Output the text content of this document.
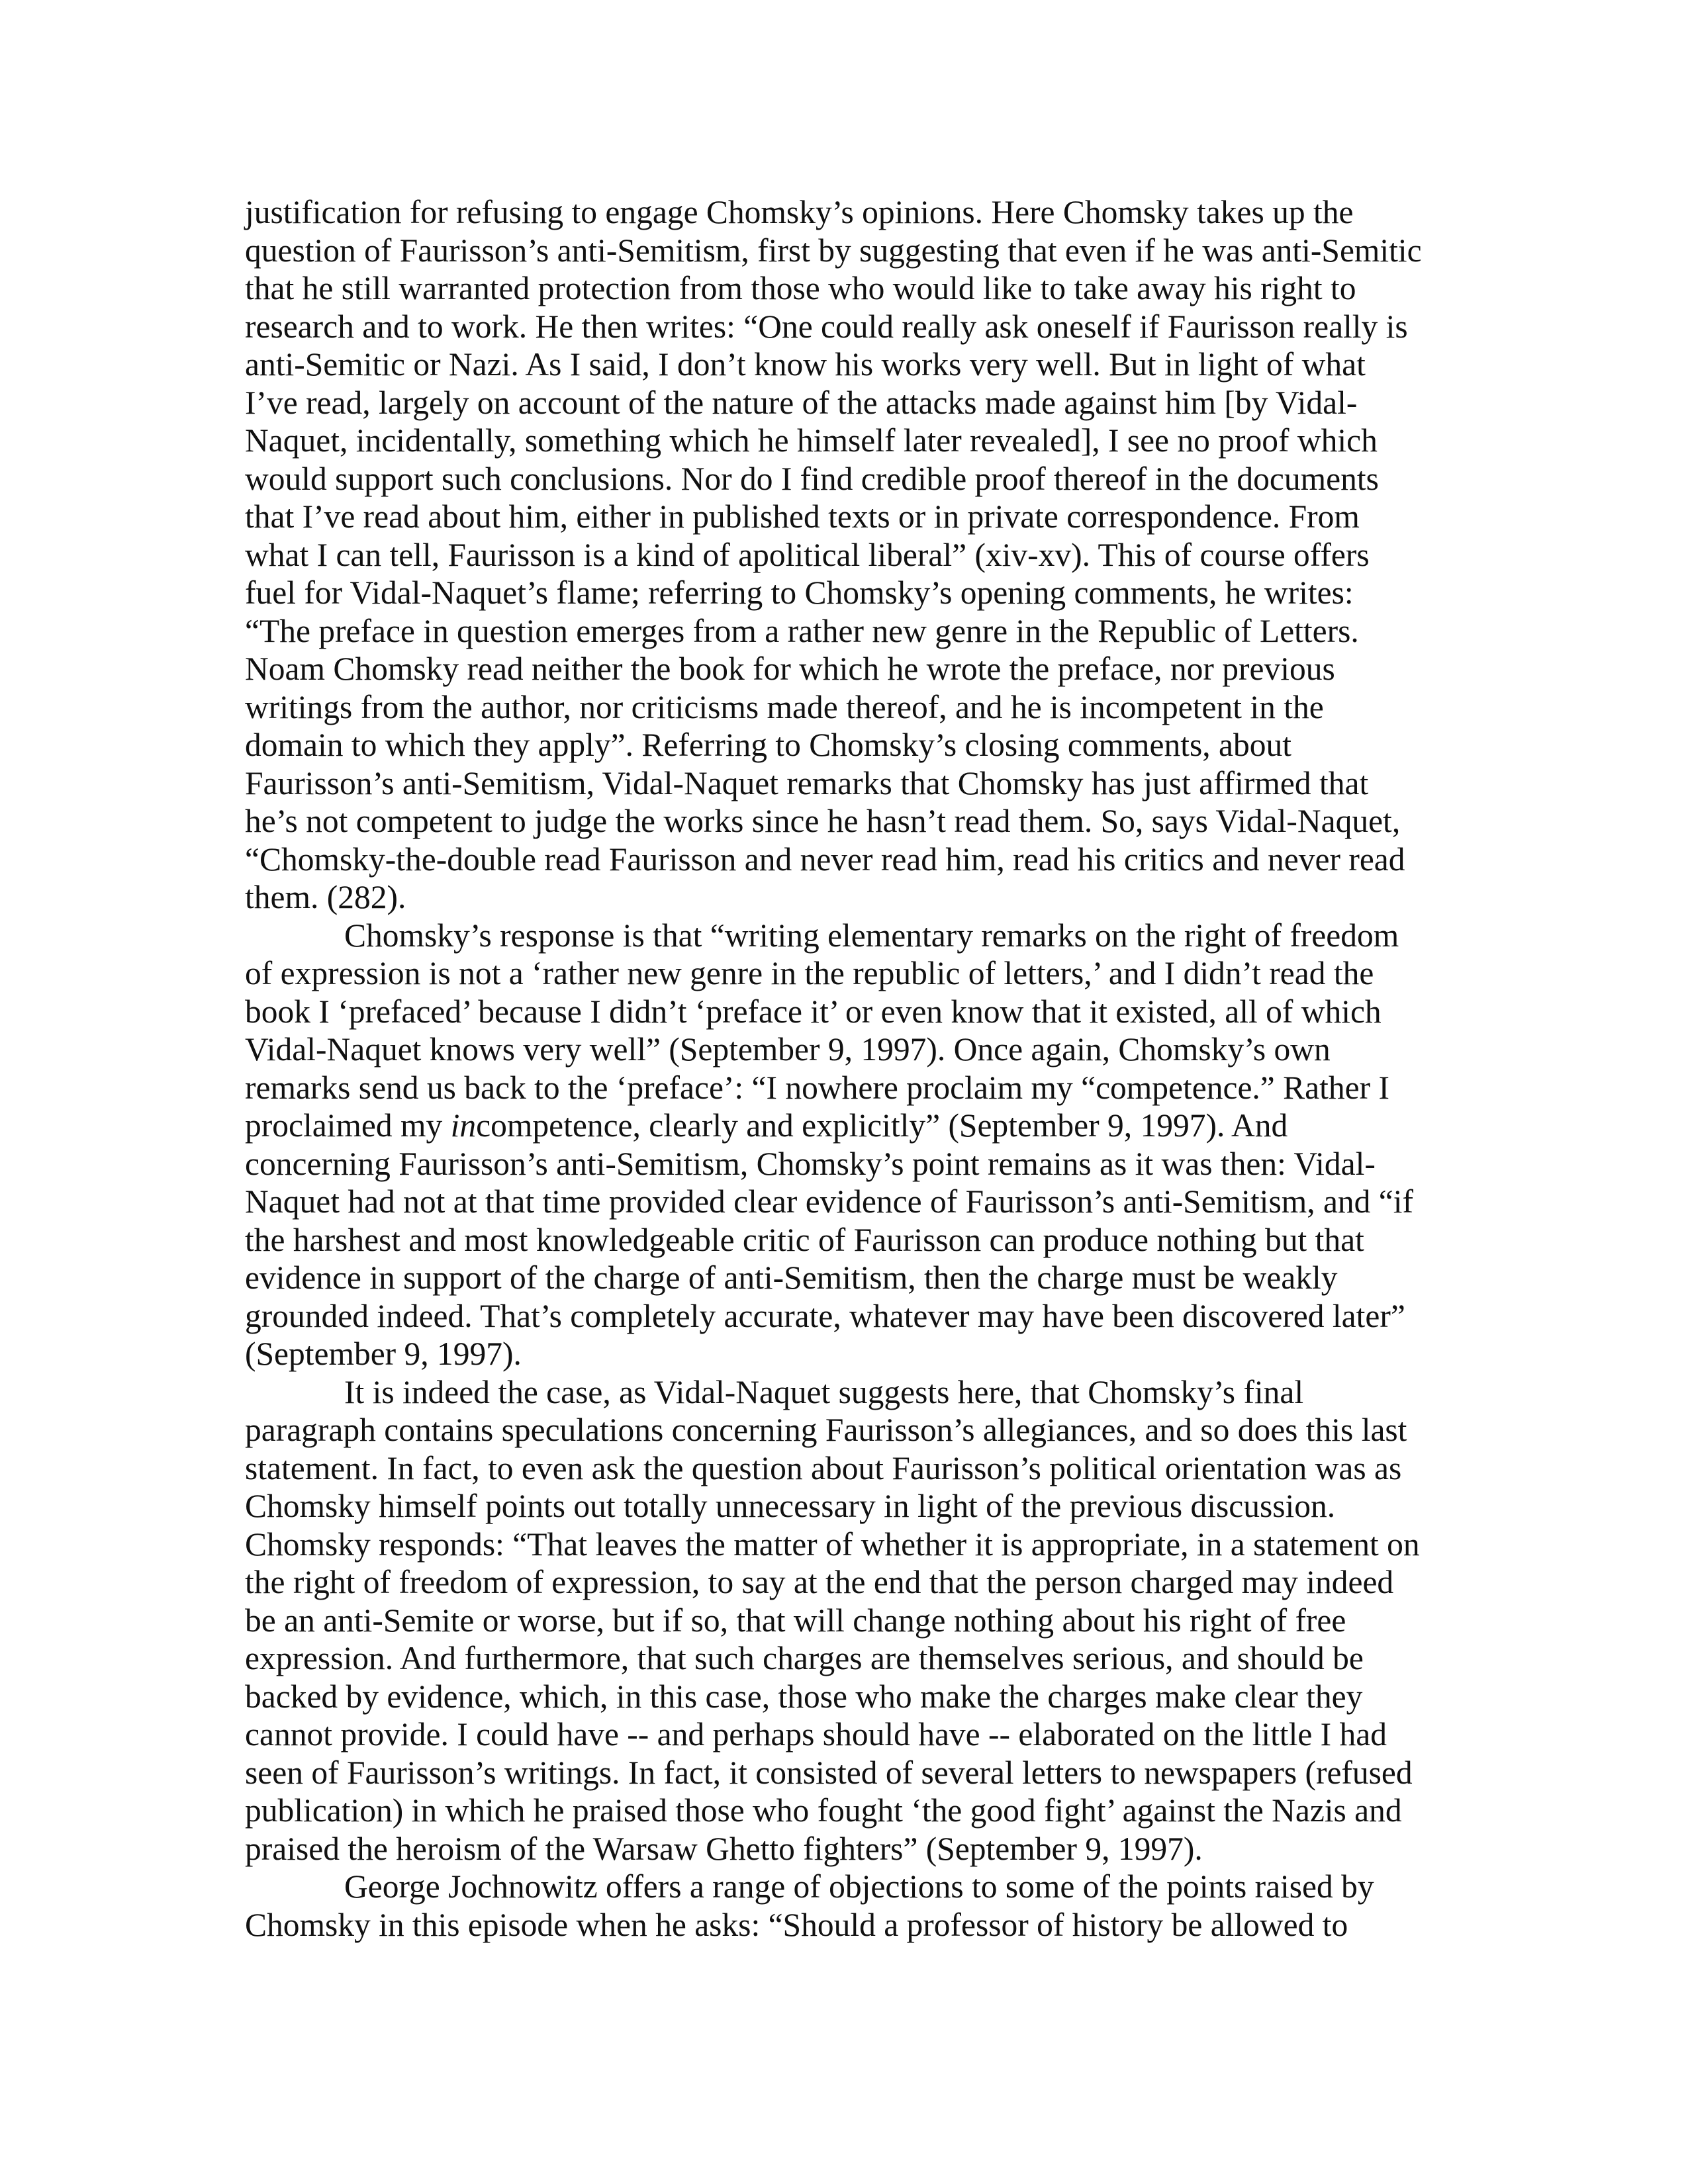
justification for refusing to engage Chomsky’s opinions. Here Chomsky takes up the
question of Faurisson’s anti-Semitism, first by suggesting that even if he was anti-Semitic
that he still warranted protection from those who would like to take away his right to
research and to work. He then writes: “One could really ask oneself if Faurisson really is
anti-Semitic or Nazi. As I said, I don’t know his works very well. But in light of what
I’ve read, largely on account of the nature of the attacks made against him [by Vidal-
Naquet, incidentally, something which he himself later revealed], I see no proof which
would support such conclusions. Nor do I find credible proof thereof in the documents
that I’ve read about him, either in published texts or in private correspondence. From
what I can tell, Faurisson is a kind of apolitical liberal” (xiv-xv). This of course offers
fuel for Vidal-Naquet’s flame; referring to Chomsky’s opening comments, he writes:
“The preface in question emerges from a rather new genre in the Republic of Letters.
Noam Chomsky read neither the book for which he wrote the preface, nor previous
writings from the author, nor criticisms made thereof, and he is incompetent in the
domain to which they apply”. Referring to Chomsky’s closing comments, about
Faurisson’s anti-Semitism, Vidal-Naquet remarks that Chomsky has just affirmed that
he’s not competent to judge the works since he hasn’t read them. So, says Vidal-Naquet,
“Chomsky-the-double read Faurisson and never read him, read his critics and never read
them. (282).
Chomsky’s response is that “writing elementary remarks on the right of freedom
of expression is not a ‘rather new genre in the republic of letters,’ and I didn’t read the
book I ‘prefaced’ because I didn’t ‘preface it’ or even know that it existed, all of which
Vidal-Naquet knows very well” (September 9, 1997). Once again, Chomsky’s own
remarks send us back to the ‘preface’: “I nowhere proclaim my “competence.” Rather I
proclaimed my incompetence, clearly and explicitly” (September 9, 1997). And
concerning Faurisson’s anti-Semitism, Chomsky’s point remains as it was then: Vidal-
Naquet had not at that time provided clear evidence of Faurisson’s anti-Semitism, and “if
the harshest and most knowledgeable critic of Faurisson can produce nothing but that
evidence in support of the charge of anti-Semitism, then the charge must be weakly
grounded indeed. That’s completely accurate, whatever may have been discovered later”
(September 9, 1997).
It is indeed the case, as Vidal-Naquet suggests here, that Chomsky’s final
paragraph contains speculations concerning Faurisson’s allegiances, and so does this last
statement. In fact, to even ask the question about Faurisson’s political orientation was as
Chomsky himself points out totally unnecessary in light of the previous discussion.
Chomsky responds: “That leaves the matter of whether it is appropriate, in a statement on
the right of freedom of expression, to say at the end that the person charged may indeed
be an anti-Semite or worse, but if so, that will change nothing about his right of free
expression. And furthermore, that such charges are themselves serious, and should be
backed by evidence, which, in this case, those who make the charges make clear they
cannot provide. I could have -- and perhaps should have -- elaborated on the little I had
seen of Faurisson’s writings. In fact, it consisted of several letters to newspapers (refused
publication) in which he praised those who fought ‘the good fight’ against the Nazis and
praised the heroism of the Warsaw Ghetto fighters” (September 9, 1997).
George Jochnowitz offers a range of objections to some of the points raised by
Chomsky in this episode when he asks: “Should a professor of history be allowed to
